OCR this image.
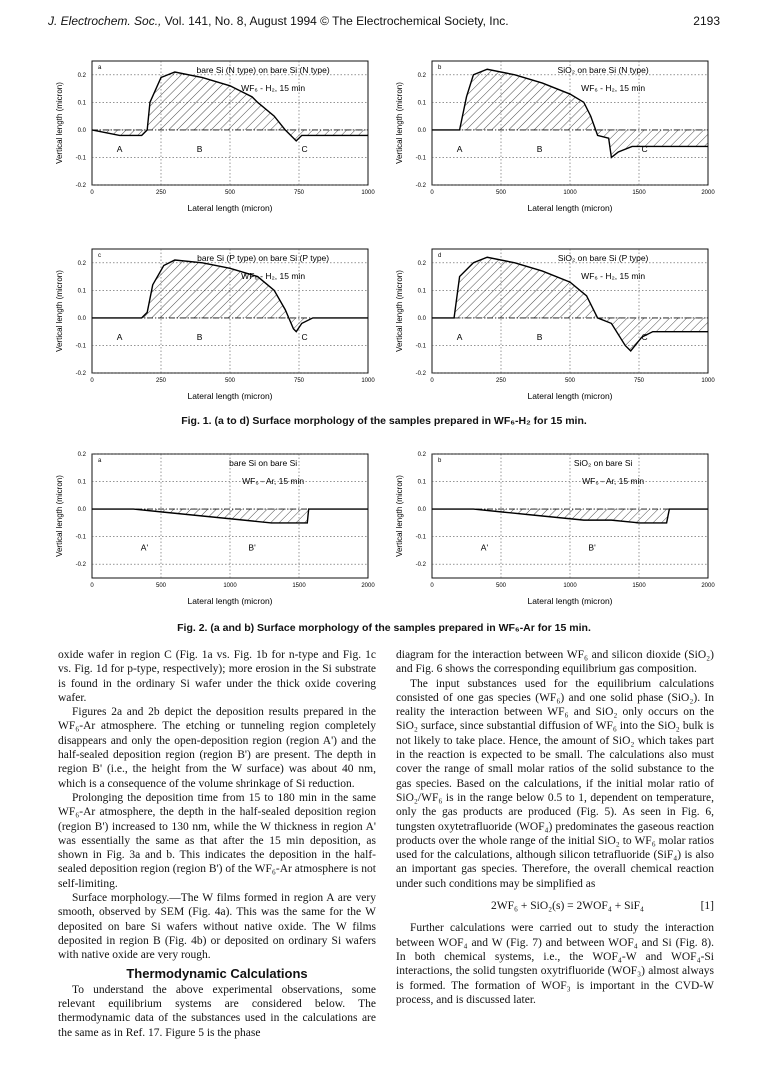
J. Electrochem. Soc., Vol. 141, No. 8, August 1994 © The Electrochemical Society, Inc.	2193
0	250	500	750	1000
0.2
0.1
0.0
-0.1
-0.2
a	bare Si (N type) on bare Si (N type)
WF₆ - H₂, 15 min
A	B	C
Vertical length (micron)
Lateral length (micron)
0	500	1000	1500	2000
0.2
0.1
0.0
-0.1
-0.2
b	SiO₂ on bare Si (N type)
WF₆ - H₂, 15 min
A	B	C
Vertical length (micron)
Lateral length (micron)
0	250	500	750	1000
0.2
0.1
0.0
-0.1
-0.2
c	bare Si (P type) on bare Si (P type)
WF₆ - H₂, 15 min
A	B	C
Vertical length (micron)
Lateral length (micron)
0	250	500	750	1000
0.2
0.1
0.0
-0.1
-0.2
d	SiO₂ on bare Si (P type)
WF₆ - H₂, 15 min
A	B	C
Vertical length (micron)
Lateral length (micron)
Fig. 1. (a to d) Surface morphology of the samples prepared in WF₆-H₂ for 15 min.
0	500	1000	1500	2000
0.2
0.1
0.0
-0.1
-0.2
a	bare Si on bare Si
WF₆ - Ar, 15 min
A'	B'
Vertical length (micron)
Lateral length (micron)
0	500	1000	1500	2000
0.2
0.1
0.0
-0.1
-0.2
b	SiO₂ on bare Si
WF₆ - Ar, 15 min
A'	B'
Vertical length (micron)
Lateral length (micron)
Fig. 2. (a and b) Surface morphology of the samples prepared in WF₆-Ar for 15 min.

oxide wafer in region C (Fig. 1a vs. Fig. 1b for n-type and Fig. 1c vs. Fig. 1d for p-type, respectively); more erosion in the Si substrate is found in the ordinary Si wafer under the thick oxide covering wafer.

Figures 2a and 2b depict the deposition results prepared in the WF₆-Ar atmosphere. The etching or tunneling region completely disappears and only the open-deposition region (region A') and the half-sealed deposition region (region B') are present. The depth in region B' (i.e., the height from the W surface) was about 40 nm, which is a consequence of the volume shrinkage of Si reduction.

Prolonging the deposition time from 15 to 180 min in the same WF₆-Ar atmosphere, the depth in the half-sealed deposition region (region B') increased to 130 nm, while the W thickness in region A' was essentially the same as that after the 15 min deposition, as shown in Fig. 3a and b. This indicates the deposition in the half-sealed deposition region (region B') of the WF₆-Ar atmosphere is not self-limiting.

Surface morphology.—The W films formed in region A are very smooth, observed by SEM (Fig. 4a). This was the same for the W deposited on bare Si wafers without native oxide. The W films deposited in region B (Fig. 4b) or deposited on ordinary Si wafers with native oxide are very rough.

Thermodynamic Calculations

To understand the above experimental observations, some relevant equilibrium systems are considered below. The thermodynamic data of the substances used in the calculations are the same as in Ref. 17. Figure 5 is the phase

diagram for the interaction between WF₆ and silicon dioxide (SiO₂) and Fig. 6 shows the corresponding equilibrium gas composition.

The input substances used for the equilibrium calculations consisted of one gas species (WF₆) and one solid phase (SiO₂). In reality the interaction between WF₆ and SiO₂ only occurs on the SiO₂ surface, since substantial diffusion of WF₆ into the SiO₂ bulk is not likely to take place. Hence, the amount of SiO₂ which takes part in the reaction is expected to be small. The calculations also must cover the range of small molar ratios of the solid substance to the gas species. Based on the calculations, if the initial molar ratio of SiO₂/WF₆ is in the range below 0.5 to 1, dependent on temperature, only the gas products are produced (Fig. 5). As seen in Fig. 6, tungsten oxytetrafluoride (WOF₄) predominates the gaseous reaction products over the whole range of the initial SiO₂ to WF₆ molar ratios used for the calculations, although silicon tetrafluoride (SiF₄) is also an important gas species. Therefore, the overall chemical reaction under such conditions may be simplified as

2WF₆ + SiO₂(s) = 2WOF₄ + SiF₄	[1]

Further calculations were carried out to study the interaction between WOF₄ and W (Fig. 7) and between WOF₄ and Si (Fig. 8). In both chemical systems, i.e., the WOF₄-W and WOF₄-Si interactions, the solid tungsten oxytrifluoride (WOF₃) almost always is formed. The formation of WOF₃ is important in the CVD-W process, and is discussed later.
